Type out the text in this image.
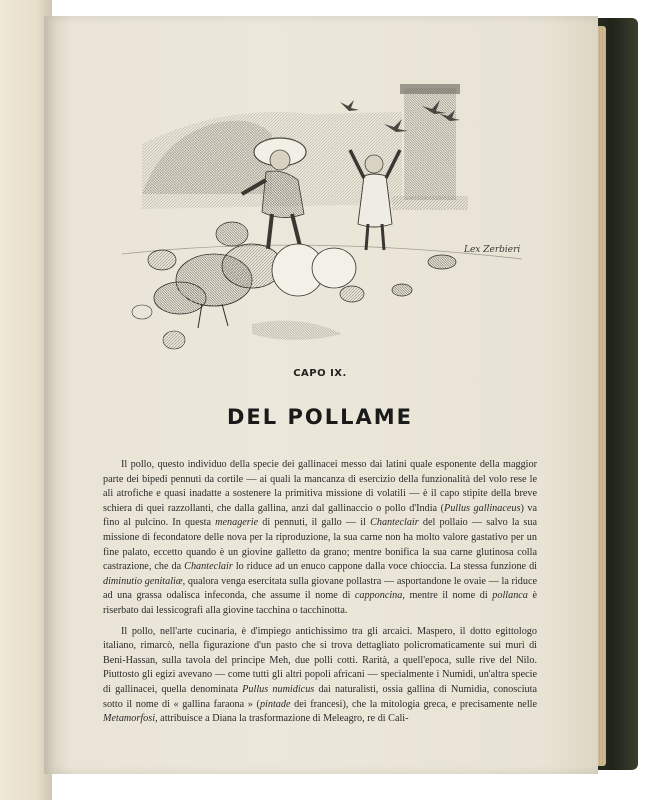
Lex Zerbieri
CAPO IX.
DEL POLLAME

Il pollo, questo individuo della specie dei gallinacei messo dai latini quale esponente della maggior parte dei bipedi pennuti da cortile — ai quali la mancanza di esercizio della funzionalità del volo rese le ali atrofiche e quasi inadatte a sostenere la primitiva missione di volatili — è il capo stipite della breve schiera di quei razzollanti, che dalla gallina, anzi dal gallinaccio o pollo d'India (Pullus gallinaceus) va fino al pulcino. In questa menagerie di pennuti, il gallo — il Chanteclair del pollaio — salvo la sua missione di fecondatore delle nova per la riproduzione, la sua carne non ha molto valore gastativo per un fine palato, eccetto quando è un giovine galletto da grano; mentre bonifica la sua carne glutinosa colla castrazione, che da Chanteclair lo riduce ad un enuco cappone dalla voce chioccia. La stessa funzione di diminutio genitaliæ, qualora venga esercitata sulla giovane pollastra — asportandone le ovaie — la riduce ad una grassa odalisca infeconda, che assume il nome di capponcina, mentre il nome di pollanca è riserbato dai lessicografi alla giovine tacchina o tacchinotta.

Il pollo, nell'arte cucinaria, è d'impiego antichissimo tra gli arcaici. Maspero, il dotto egittologo italiano, rimarcò, nella figurazione d'un pasto che si trova dettagliato policromaticamente sui muri di Beni-Hassan, sulla tavola del principe Meh, due polli cotti. Rarità, a quell'epoca, sulle rive del Nilo. Piuttosto gli egizi avevano — come tutti gli altri popoli africani — specialmente i Numidi, un'altra specie di gallinacei, quella denominata Pullus numidicus dai naturalisti, ossia gallina di Numidia, conosciuta sotto il nome di « gallina faraona » (pintade dei francesi), che la mitologia greca, e precisamente nelle Metamorfosi, attribuisce a Diana la trasformazione di Meleagro, re di Cali-
